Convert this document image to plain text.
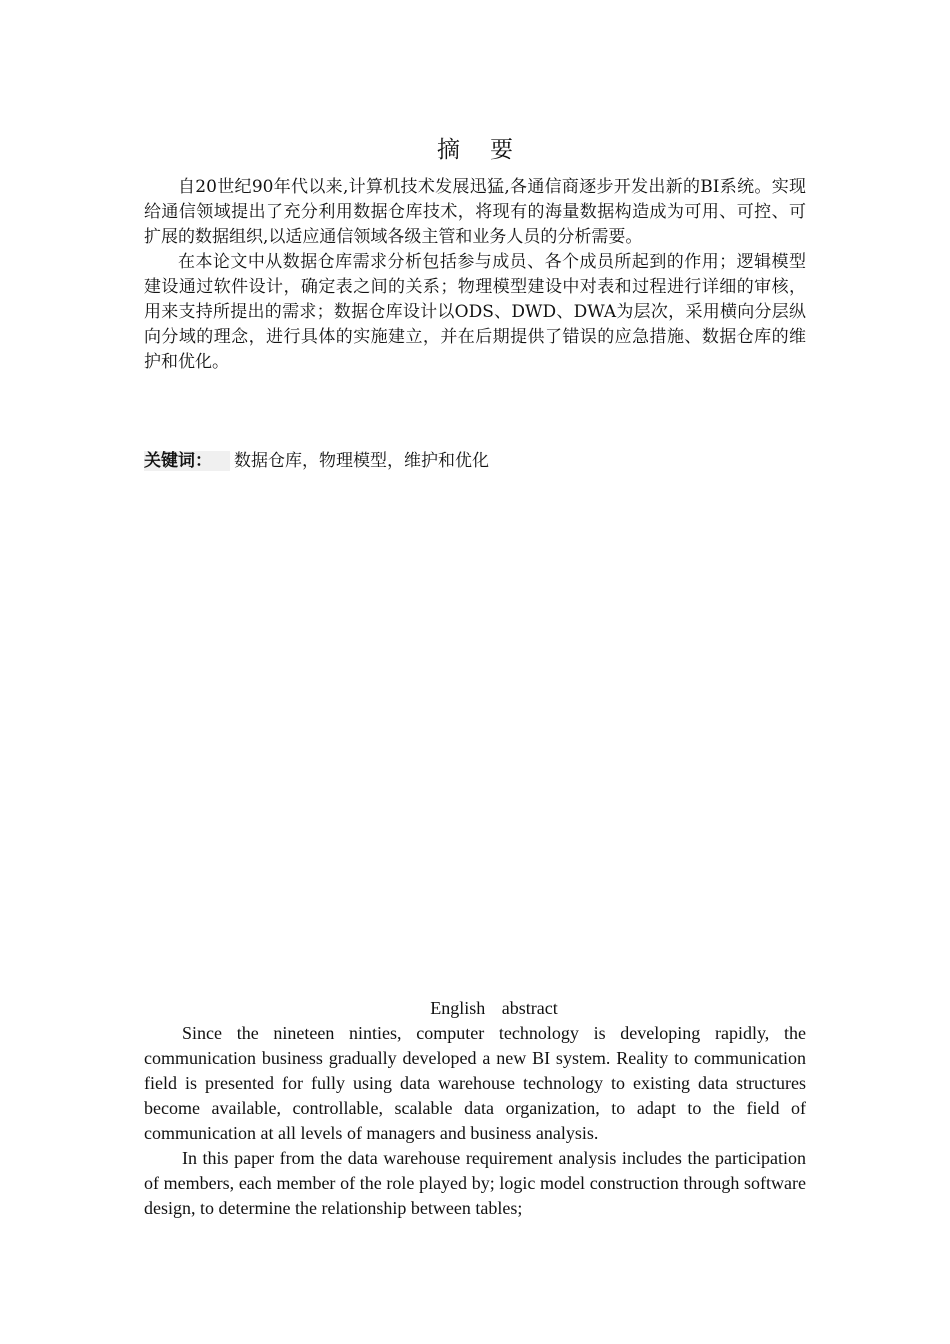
摘要

自20世纪90年代以来,计算机技术发展迅猛,各通信商逐步开发出新的BI系统。实现给通信领域提出了充分利用数据仓库技术，将现有的海量数据构造成为可用、可控、可扩展的数据组织,以适应通信领域各级主管和业务人员的分析需要。

在本论文中从数据仓库需求分析包括参与成员、各个成员所起到的作用；逻辑模型建设通过软件设计，确定表之间的关系；物理模型建设中对表和过程进行详细的审核，用来支持所提出的需求；数据仓库设计以ODS、DWD、DWA为层次，采用横向分层纵向分域的理念，进行具体的实施建立，并在后期提供了错误的应急措施、数据仓库的维护和优化。

关键词： 数据仓库，物理模型，维护和优化
English abstract

Since the nineteen ninties, computer technology is developing rapidly, the communication business gradually developed a new BI system. Reality to communication field is presented for fully using data warehouse technology to existing data structures become available, controllable, scalable data organization, to adapt to the field of communication at all levels of managers and business analysis.

In this paper from the data warehouse requirement analysis includes the participation of members, each member of the role played by; logic model construction through software design, to determine the relationship between tables;
